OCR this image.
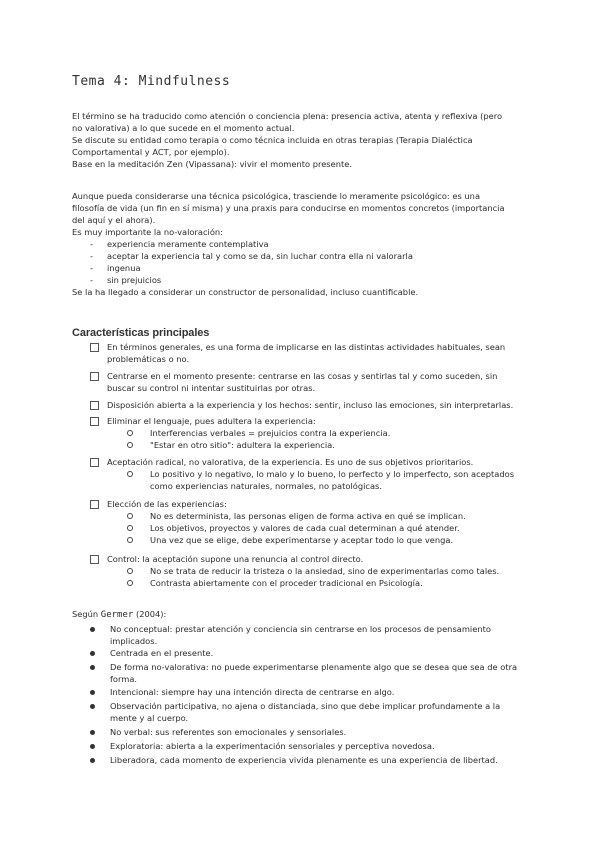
Tema 4: Mindfulness

El término se ha traducido como atención o conciencia plena: presencia activa, atenta y reflexiva (pero

no valorativa) a lo que sucede en el momento actual.

Se discute su entidad como terapia o como técnica incluida en otras terapias (Terapia Dialéctica

Comportamental y ACT, por ejemplo).

Base en la meditación Zen (Vipassana): vivir el momento presente.

Aunque pueda considerarse una técnica psicológica, trasciende lo meramente psicológico: es una

filosofía de vida (un fin en sí misma) y una praxis para conducirse en momentos concretos (importancia

del aquí y el ahora).

Es muy importante la no-valoración:

-	experiencia meramente contemplativa

-	aceptar la experiencia tal y como se da, sin luchar contra ella ni valorarla

-	ingenua

-	sin prejuicios

Se la ha llegado a considerar un constructor de personalidad, incluso cuantificable.

Características principales

En términos generales, es una forma de implicarse en las distintas actividades habituales, sean

problemáticas o no.

Centrarse en el momento presente: centrarse en las cosas y sentirlas tal y como suceden, sin

buscar su control ni intentar sustituirlas por otras.

Disposición abierta a la experiencia y los hechos: sentir, incluso las emociones, sin interpretarlas.

Eliminar el lenguaje, pues adultera la experiencia:

Interferencias verbales = prejuicios contra la experiencia.

"Estar en otro sitio": adultera la experiencia.

Aceptación radical, no valorativa, de la experiencia. Es uno de sus objetivos prioritarios.

Lo positivo y lo negativo, lo malo y lo bueno, lo perfecto y lo imperfecto, son aceptados

como experiencias naturales, normales, no patológicas.

Elección de las experiencias:

No es determinista, las personas eligen de forma activa en qué se implican.

Los objetivos, proyectos y valores de cada cual determinan a qué atender.

Una vez que se elige, debe experimentarse y aceptar todo lo que venga.

Control: la aceptación supone una renuncia al control directo.

No se trata de reducir la tristeza o la ansiedad, sino de experimentarlas como tales.

Contrasta abiertamente con el proceder tradicional en Psicología.

Según Germer (2004):

No conceptual: prestar atención y conciencia sin centrarse en los procesos de pensamiento

implicados.

Centrada en el presente.

De forma no-valorativa: no puede experimentarse plenamente algo que se desea que sea de otra

forma.

Intencional: siempre hay una intención directa de centrarse en algo.

Observación participativa, no ajena o distanciada, sino que debe implicar profundamente a la

mente y al cuerpo.

No verbal: sus referentes son emocionales y sensoriales.

Exploratoria: abierta a la experimentación sensoriales y perceptiva novedosa.

Liberadora, cada momento de experiencia vivida plenamente es una experiencia de libertad.
